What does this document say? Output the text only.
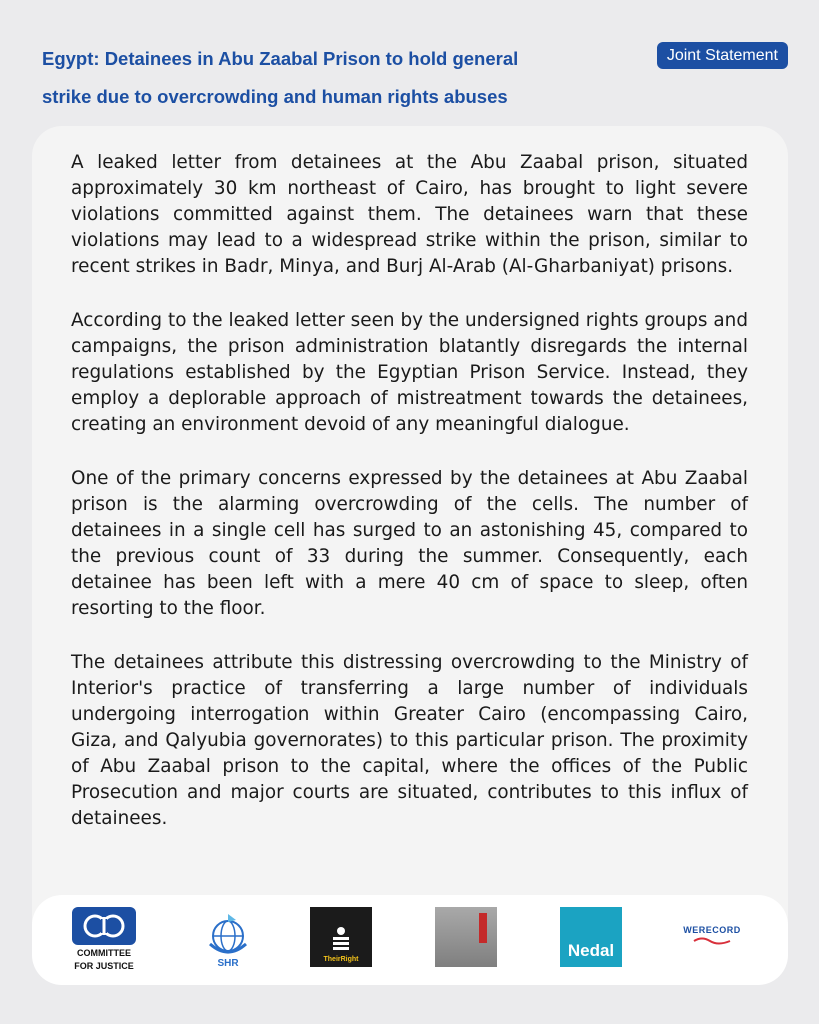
Egypt: Detainees in Abu Zaabal Prison to hold general
strike due to overcrowding and human rights abuses
Joint Statement

A leaked letter from detainees at the Abu Zaabal prison, situated approximately 30 km northeast of Cairo, has brought to light severe violations committed against them. The detainees warn that these violations may lead to a widespread strike within the prison, similar to recent strikes in Badr, Minya, and Burj Al-Arab (Al-Gharbaniyat) prisons.

According to the leaked letter seen by the undersigned rights groups and campaigns, the prison administration blatantly disregards the internal regulations established by the Egyptian Prison Service. Instead, they employ a deplorable approach of mistreatment towards the detainees, creating an environment devoid of any meaningful dialogue.

One of the primary concerns expressed by the detainees at Abu Zaabal prison is the alarming overcrowding of the cells. The number of detainees in a single cell has surged to an astonishing 45, compared to the previous count of 33 during the summer. Consequently, each detainee has been left with a mere 40 cm of space to sleep, often resorting to the floor.

The detainees attribute this distressing overcrowding to the Ministry of Interior's practice of transferring a large number of individuals undergoing interrogation within Greater Cairo (encompassing Cairo, Giza, and Qalyubia governorates) to this particular prison. The proximity of Abu Zaabal prison to the capital, where the offices of the Public Prosecution and major courts are situated, contributes to this influx of detainees.

COMMITTEE
FOR JUSTICE	SHR	TheirRight	Nedal
WERECORD
